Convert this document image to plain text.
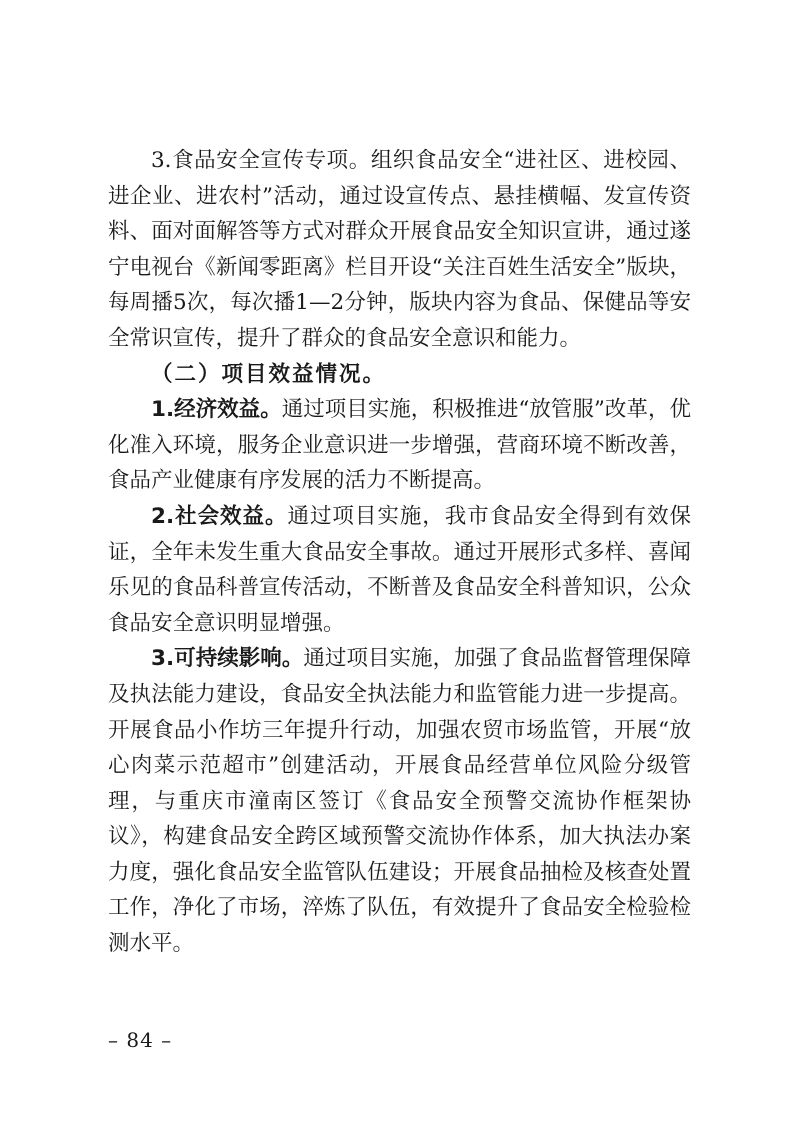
3.食品安全宣传专项。组织食品安全“进社区、进校园、进企业、进农村”活动，通过设宣传点、悬挂横幅、发宣传资料、面对面解答等方式对群众开展食品安全知识宣讲，通过遂宁电视台《新闻零距离》栏目开设“关注百姓生活安全”版块，每周播5次，每次播1—2分钟，版块内容为食品、保健品等安全常识宣传，提升了群众的食品安全意识和能力。

（二）项目效益情况。

1.经济效益。通过项目实施，积极推进“放管服”改革，优化准入环境，服务企业意识进一步增强，营商环境不断改善，食品产业健康有序发展的活力不断提高。

2.社会效益。通过项目实施，我市食品安全得到有效保证，全年未发生重大食品安全事故。通过开展形式多样、喜闻乐见的食品科普宣传活动，不断普及食品安全科普知识，公众食品安全意识明显增强。

3.可持续影响。通过项目实施，加强了食品监督管理保障及执法能力建设，食品安全执法能力和监管能力进一步提高。开展食品小作坊三年提升行动，加强农贸市场监管，开展“放心肉菜示范超市”创建活动，开展食品经营单位风险分级管理，与重庆市潼南区签订《食品安全预警交流协作框架协议》，构建食品安全跨区域预警交流协作体系，加大执法办案力度，强化食品安全监管队伍建设；开展食品抽检及核查处置工作，净化了市场，淬炼了队伍，有效提升了食品安全检验检测水平。

– 84 –
